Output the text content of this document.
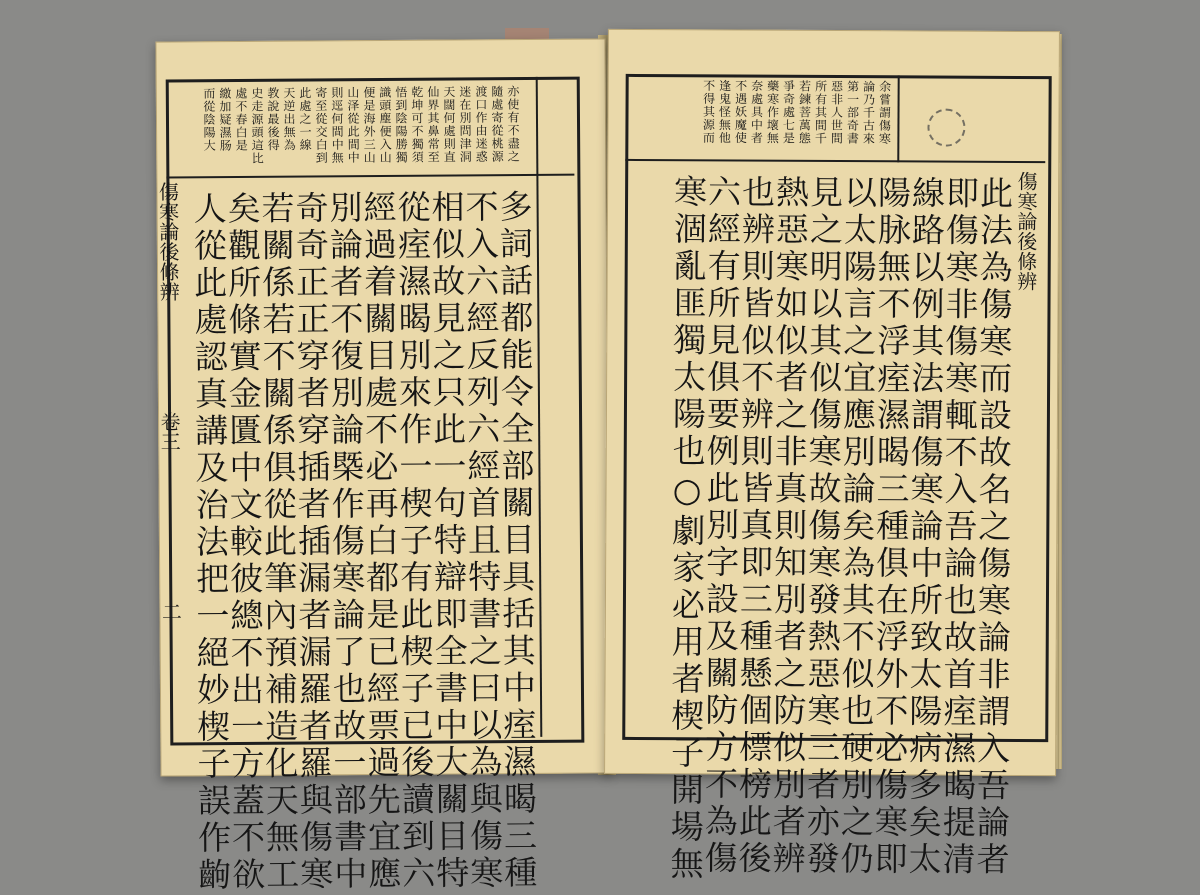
亦使有不盡之
隨處寄從桃源
渡口作由迷惑
迷在別問津洞
天闊何處則直
仙界其鼻常至
乾坤可不獨須
悟到陰陽勝獨
識頭塵便入山
便是海外三山
山泽從此間中
則逕何間中無
寄至從交白到
此處之一線
天逆出無為
教說最後得
史走源頭這比
處不春白是
繳加疑濕肠
而從陰陽大
多詞話都能令全部關目具括其中痓濕暍三種
不入六經反列六經首且特書之曰以為與傷寒
相似故見之只此一句特辯即全書中大關目特
從痓濕暍別來作一楔子有此楔子已後讀到六
經過着關目處不必再白都是已經票過先宜應
別論者不復別論槩作傷寒論了也故一部書中
奇奇正正穿者穿插者插漏者漏羅者羅與傷寒
若關係若不關係俱從此筆內預補造化天無工
矣觀所條實金匱中文較彼總不出一方蓋不欲
人從此處認真講及治法把一絕妙楔子誤作齣
傷寒論後條辨
卷三
二
余嘗謂傷寒
論乃千古來
第一部奇書
惡非人世間
所有其間千
若鍊菩萬態
爭奇處七是
藥寒作壞無
奈處具中者
不遇妖魔使
逢鬼怪無他
不得其源而
此法為傷寒而設故名之傷寒論非謂入吾論者
即傷寒非傷寒輒不入吾論也故首痓濕暍提清
線路以例其法謂傷寒論中所致太陽病多矣太
陽脉無不浮痓濕暍三種俱在浮外不必傷寒即
以太陽言之宜應別論矣為其不似也硬別之仍
見之明以其似傷寒故傷寒發熱惡寒三者亦發
熱惡寒如似者之非真則知別者之防似別者辨
也辨則皆似不辨則皆真即三種懸個標榜此後
六經有所見俱要例此別字設及關防方不為傷
寒涸亂匪獨太陽也○劇家必用者楔子開場無	傷寒論後條辨
